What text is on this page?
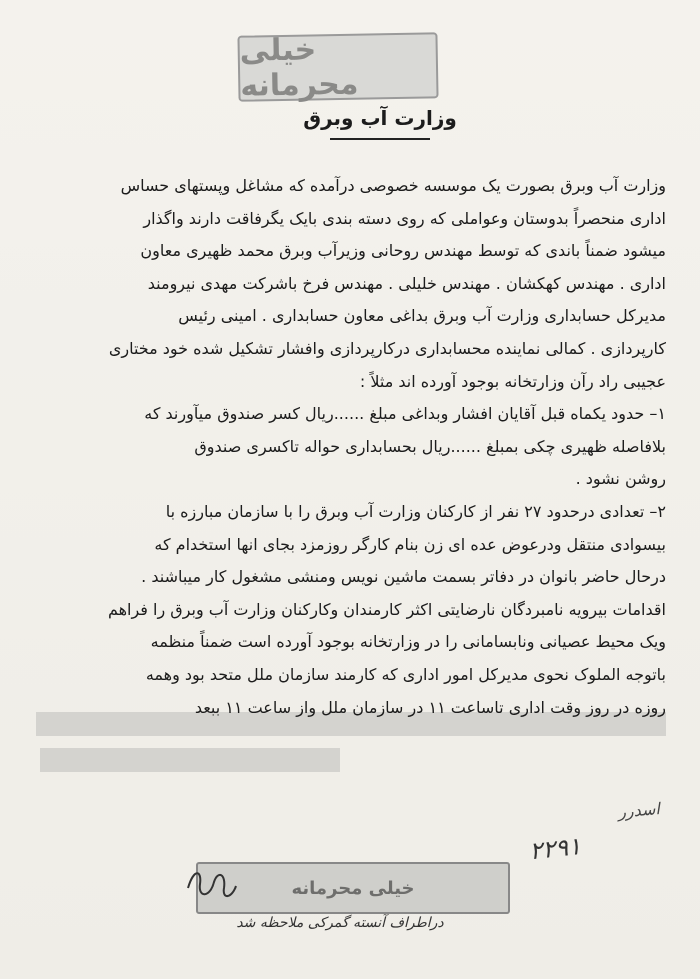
خیلی محرمانه
وزارت آب وبرق
وزارت آب وبرق بصورت یک موسسه خصوصی درآمده که مشاغل وپستهای حساس
اداری منحصراً بدوستان وعواملی که روی دسته بندی بایک یگرفاقت دارند واگذار
میشود ضمناً باندی که توسط مهندس روحانی وزیرآب وبرق محمد ظهیری معاون
اداری . مهندس کهکشان . مهندس خلیلی . مهندس فرخ باشرکت مهدی نیرومند
مدیرکل حسابداری وزارت آب وبرق بداغی معاون حسابداری . امینی رئیس
کارپردازی . کمالی نماینده محسابداری درکارپردازی وافشار تشکیل شده خود مختاری
عجیبی راد رآن وزارتخانه بوجود آورده اند مثلاً :
۱– حدود یکماه قبل آقایان افشار وبداغی مبلغ ......ریال کسر صندوق میآورند که
بلافاصله ظهیری چکی بمبلغ ......ریال بحسابداری حواله تاکسری صندوق
روشن نشود .
۲– تعدادی درحدود ۲۷ نفر از کارکنان وزارت آب وبرق را با سازمان مبارزه با
بیسوادی منتقل ودرعوض عده ای زن بنام کارگر روزمزد بجای انها استخدام که
درحال حاضر بانوان در دفاتر بسمت ماشین نویس ومنشی مشغول کار میباشند .
اقدامات بیرویه نامبردگان نارضایتی اکثر کارمندان وکارکنان وزارت آب وبرق را فراهم
ویک محیط عصیانی ونابسامانی را در وزارتخانه بوجود آورده است ضمناً منظمه
باتوجه الملوک نحوی مدیرکل امور اداری که کارمند سازمان ملل متحد بود وهمه
روزه در روز وقت اداری تاساعت ۱۱ در سازمان ملل واز ساعت ۱۱ ببعد
اسدرر
۲۲۹۱
خیلی محرمانه
دراطراف آنسته گمرکی ملاحظه شد
